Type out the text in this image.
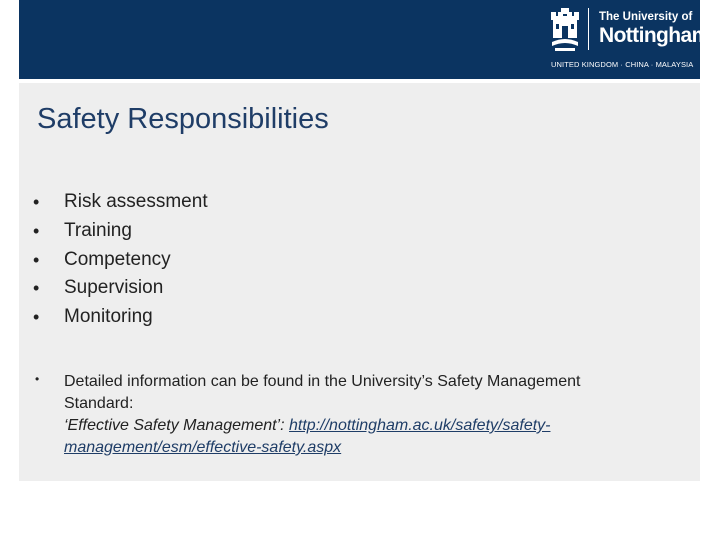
The University of
Nottingham
UNITED KINGDOM · CHINA · MALAYSIA
Safety Responsibilities
• Risk assessment
• Training
• Competency
• Supervision
• Monitoring
• Detailed information can be found in the University’s Safety Management Standard:
‘Effective Safety Management’: http://nottingham.ac.uk/safety/safety-management/esm/effective-safety.aspx
